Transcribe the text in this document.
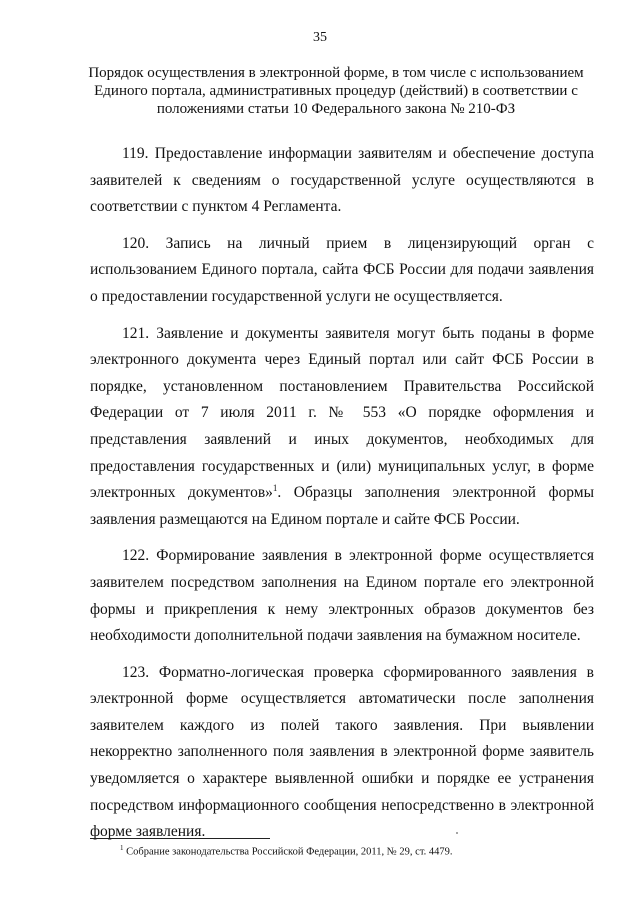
35
Порядок осуществления в электронной форме, в том числе с использованием
Единого портала, административных процедур (действий) в соответствии с
положениями статьи 10 Федерального закона № 210-ФЗ

119. Предоставление информации заявителям и обеспечение доступа заявителей к сведениям о государственной услуге осуществляются в соответствии с пунктом 4 Регламента.

120. Запись на личный прием в лицензирующий орган с использованием Единого портала, сайта ФСБ России для подачи заявления о предоставлении государственной услуги не осуществляется.

121. Заявление и документы заявителя могут быть поданы в форме электронного документа через Единый портал или сайт ФСБ России в порядке, установленном постановлением Правительства Российской Федерации от 7 июля 2011 г. № 553 «О порядке оформления и представления заявлений и иных документов, необходимых для предоставления государственных и (или) муниципальных услуг, в форме электронных документов»$^1$. Образцы заполнения электронной формы заявления размещаются на Едином портале и сайте ФСБ России.

122. Формирование заявления в электронной форме осуществляется заявителем посредством заполнения на Едином портале его электронной формы и прикрепления к нему электронных образов документов без необходимости дополнительной подачи заявления на бумажном носителе.

123. Форматно-логическая проверка сформированного заявления в электронной форме осуществляется автоматически после заполнения заявителем каждого из полей такого заявления. При выявлении некорректно заполненного поля заявления в электронной форме заявитель уведомляется о характере выявленной ошибки и порядке ее устранения посредством информационного сообщения непосредственно в электронной форме заявления.

$^1$ Собрание законодательства Российской Федерации, 2011, № 29, ст. 4479.
